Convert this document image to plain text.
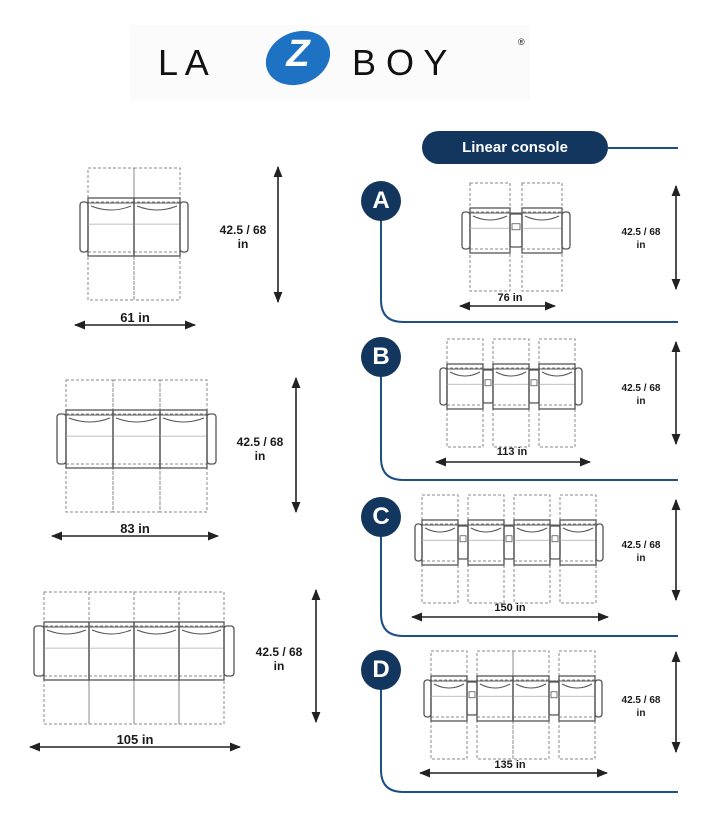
L A Z B O Y	®
Linear console
A
B
C
D
61 in
42.5 / 68
in
83 in
42.5 / 68
in
105 in
42.5 / 68
in
76 in
42.5 / 68
in
113 in
42.5 / 68
in
150 in
42.5 / 68
in
135 in
42.5 / 68
in
